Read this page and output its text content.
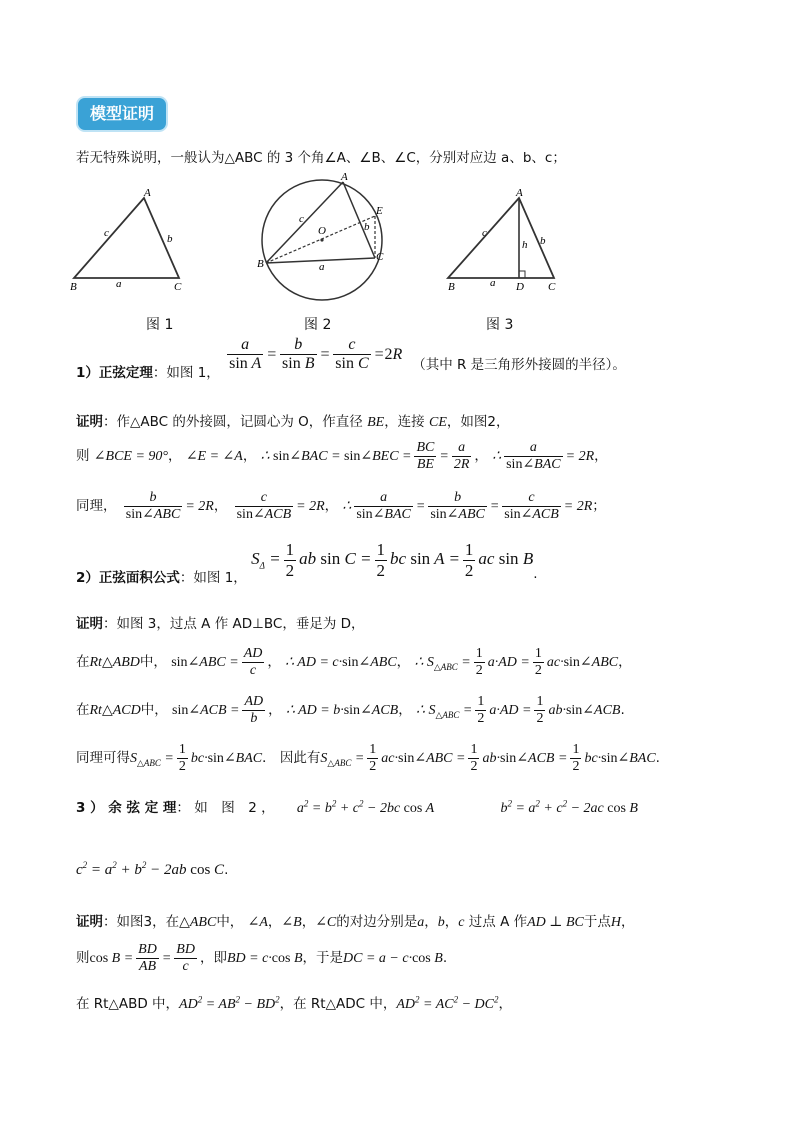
模型证明
若无特殊说明，一般认为△ABC 的 3 个角∠A、∠B、∠C，分别对应边 a、b、c；
A
B	C
a
b
c
图 1
A
B
C
E
O
a
b
c
图 2
A
B	C
D
a
b
c
h
图 3
1）正弦定理：如图 1， $\frac{a}{\text{sin A}} = \frac{b}{\text{sin B}} = \frac{c}{\text{sin C}} =2R$ （其中 R 是三角形外接圆的半径）。
证明：作△ABC 的外接圆，记圆心为 O，作直径 BE，连接 CE，如图2，
则 ∠BCE = 90°， ∠E = ∠A， ∴ sin∠BAC = sin∠BEC = $\frac{BC}{BE} = \frac{a}{2R}$ ， ∴ $\frac{a}{\text{sin∠BAC}} = 2R$，
同理， $\frac{b}{\text{sin∠ABC}} = 2R$， $\frac{c}{\text{sin∠ACB}} = 2R$， ∴ $\frac{a}{\text{sin∠BAC}} = \frac{b}{\text{sin∠ABC}} = \frac{c}{\text{sin∠ACB}} = 2R$；
2）正弦面积公式：如图 1， $S_\Delta = \frac{1}{2}$ ab $\sin C = \frac{1}{2}$ bc $\sin A = \frac{1}{2}$ ac sin B.
证明：如图 3，过点 A 作 AD⊥BC，垂足为 D，
在Rt△ABD中， sin∠ABC = $\frac{AD}{c}$ ， ∴ AD = c·sin∠ABC， ∴ $S_{\triangle ABC} = \frac{1}{2} a\cdot AD = \frac{1}{2}$ ac·sin∠ABC，
在Rt△ACD中， sin∠ACB = $\frac{AD}{b}$ ， ∴ AD = b·sin∠ACB， ∴ $S_{\triangle ABC} = \frac{1}{2} a\cdot AD = \frac{1}{2}$ ab·sin∠ACB.
同理可得$S_{\triangle ABC} = \frac{1}{2}$ bc·sin∠BAC． 因此有$S_{\triangle ABC} = \frac{1}{2}$ ac·sin∠ABC = $\frac{1}{2}$ ab·sin∠ACB = $\frac{1}{2}$ bc·sin∠BAC.
3 ） 余 弦 定 理： 如　图　2 ， $a^2 = b^2 + c^2 - 2bc$ cos A	$b^2 = a^2 + c^2 - 2ac$ cos B
$c^2 = a^2 + b^2 - 2ab$ cos C.
证明：如图3，在△ABC中， ∠A，∠B，∠C的对边分别是a，b，c 过点 A 作AD ⊥ BC于点H，
则$\cos B = \frac{BD}{AB} = \frac{BD}{c}$ ，即BD = c·cos B，于是DC = a − c·cos B.
在 Rt△ABD 中，$AD^2 = AB^2 - BD^2$，在 Rt△ADC 中，$AD^2 = AC^2 - DC^2$，
